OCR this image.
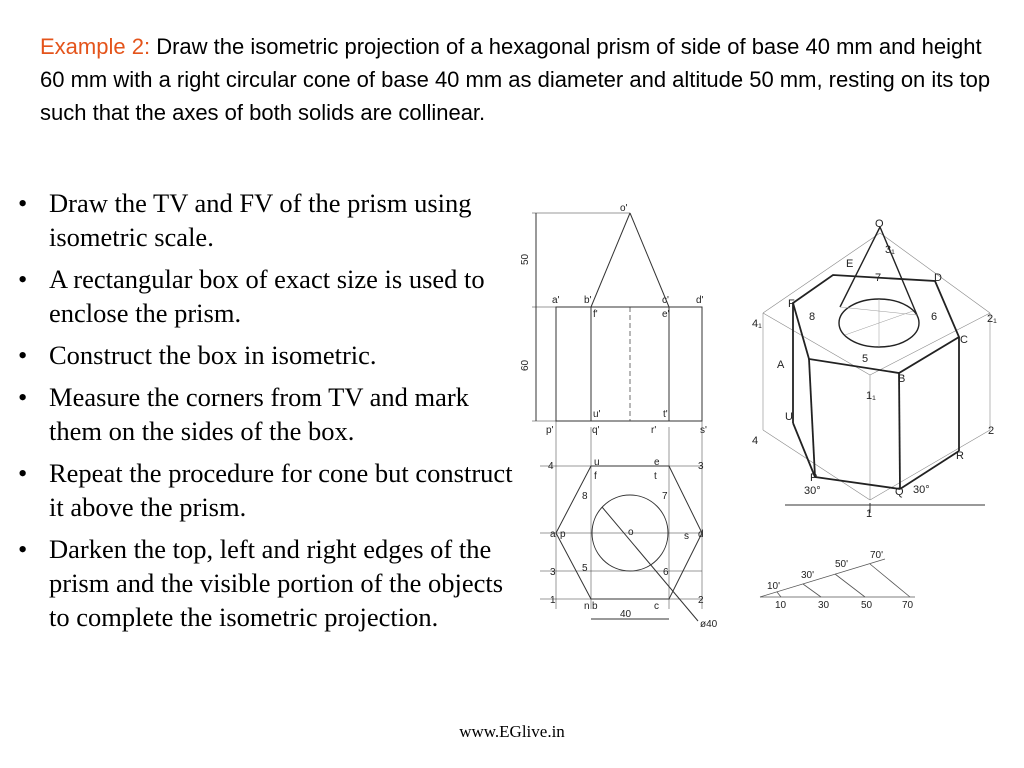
Example 2: Draw the isometric projection of a hexagonal prism of side of base 40 mm and height 60 mm with a right circular cone of base 40 mm as diameter and altitude 50 mm, resting on its top such that the axes of both solids are collinear.
• Draw the TV and FV of the prism using isometric scale.
• A rectangular box of exact size is used to enclose the prism.
• Construct the box in isometric.
• Measure the corners from TV and mark them on the sides of the box.
• Repeat the procedure for cone but construct it above the prism.
• Darken the top, left and right edges of the prism and the visible portion of the objects to complete the isometric projection.
o'
50
60
a' b'	c'	d'
f'	e'
p'	q'	r'	s'
u'	t'
u	e
f	t
3
4
8	7
a p	o	s d
5	6
3
1
n b	c
2
40
ø40
O
3₁
E
D
7
F
4₁
8	6	2₁
C
5
A
B
1₁
U
4
2
R
P
Q
1
30°	30°
10'
30'
50'
70'
10	30	50	70
www.EGlive.in
